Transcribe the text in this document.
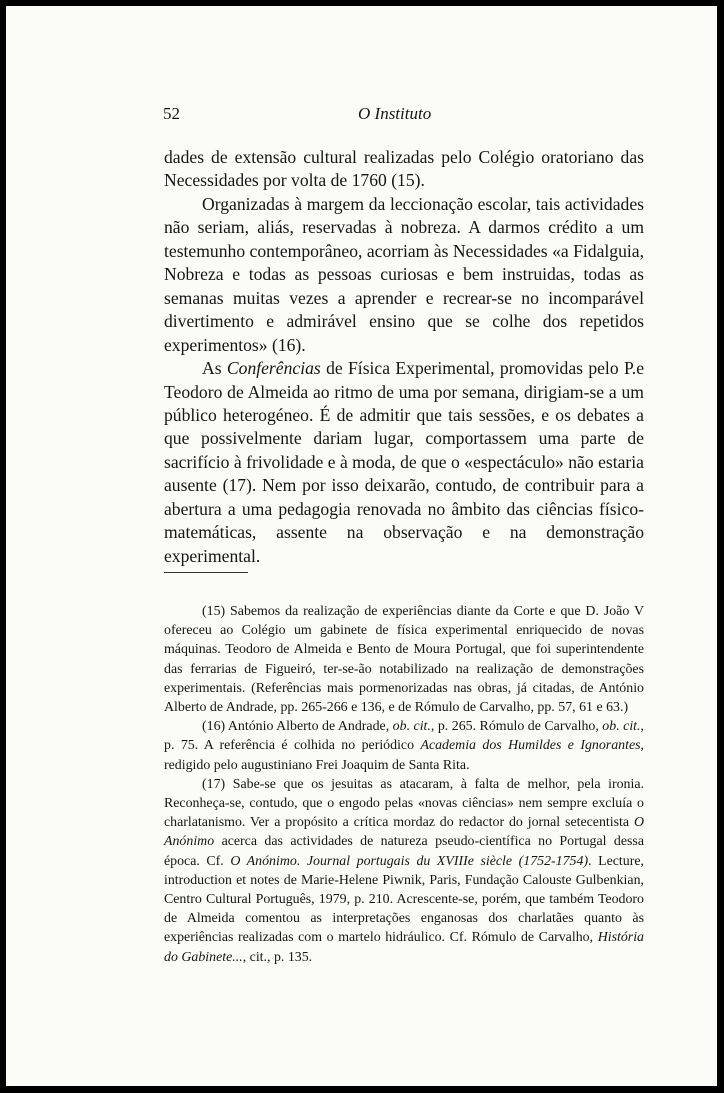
52	O Instituto

dades de extensão cultural realizadas pelo Colégio oratoriano das Necessidades por volta de 1760 (15).

Organizadas à margem da leccionação escolar, tais actividades não seriam, aliás, reservadas à nobreza. A darmos crédito a um testemunho contemporâneo, acorriam às Necessidades «a Fidalguia, Nobreza e todas as pessoas curiosas e bem instruidas, todas as semanas muitas vezes a aprender e recrear-se no incomparável divertimento e admirável ensino que se colhe dos repetidos experimentos» (16).

As Conferências de Física Experimental, promovidas pelo P.e Teodoro de Almeida ao ritmo de uma por semana, dirigiam-se a um público heterogéneo. É de admitir que tais sessões, e os debates a que possivelmente dariam lugar, comportassem uma parte de sacrifício à frivolidade e à moda, de que o «espectáculo» não estaria ausente (17). Nem por isso deixarão, contudo, de contribuir para a abertura a uma pedagogia renovada no âmbito das ciências físico-matemáticas, assente na observação e na demonstração experimental.

(15) Sabemos da realização de experiências diante da Corte e que D. João V ofereceu ao Colégio um gabinete de física experimental enriquecido de novas máquinas. Teodoro de Almeida e Bento de Moura Portugal, que foi superintendente das ferrarias de Figueiró, ter-se-ão notabilizado na realização de demonstrações experimentais. (Referências mais pormenorizadas nas obras, já citadas, de António Alberto de Andrade, pp. 265-266 e 136, e de Rómulo de Carvalho, pp. 57, 61 e 63.)

(16) António Alberto de Andrade, ob. cit., p. 265. Rómulo de Carvalho, ob. cit., p. 75. A referência é colhida no periódico Academia dos Humildes e Ignorantes, redigido pelo augustiniano Frei Joaquim de Santa Rita.

(17) Sabe-se que os jesuitas as atacaram, à falta de melhor, pela ironia. Reconheça-se, contudo, que o engodo pelas «novas ciências» nem sempre excluía o charlatanismo. Ver a propósito a crítica mordaz do redactor do jornal setecentista O Anónimo acerca das actividades de natureza pseudo-científica no Portugal dessa época. Cf. O Anónimo. Journal portugais du XVIIIe siècle (1752-1754). Lecture, introduction et notes de Marie-Helene Piwnik, Paris, Fundação Calouste Gulbenkian, Centro Cultural Português, 1979, p. 210. Acrescente-se, porém, que também Teodoro de Almeida comentou as interpretações enganosas dos charlatães quanto às experiências realizadas com o martelo hidráulico. Cf. Rómulo de Carvalho, História do Gabinete..., cit., p. 135.
